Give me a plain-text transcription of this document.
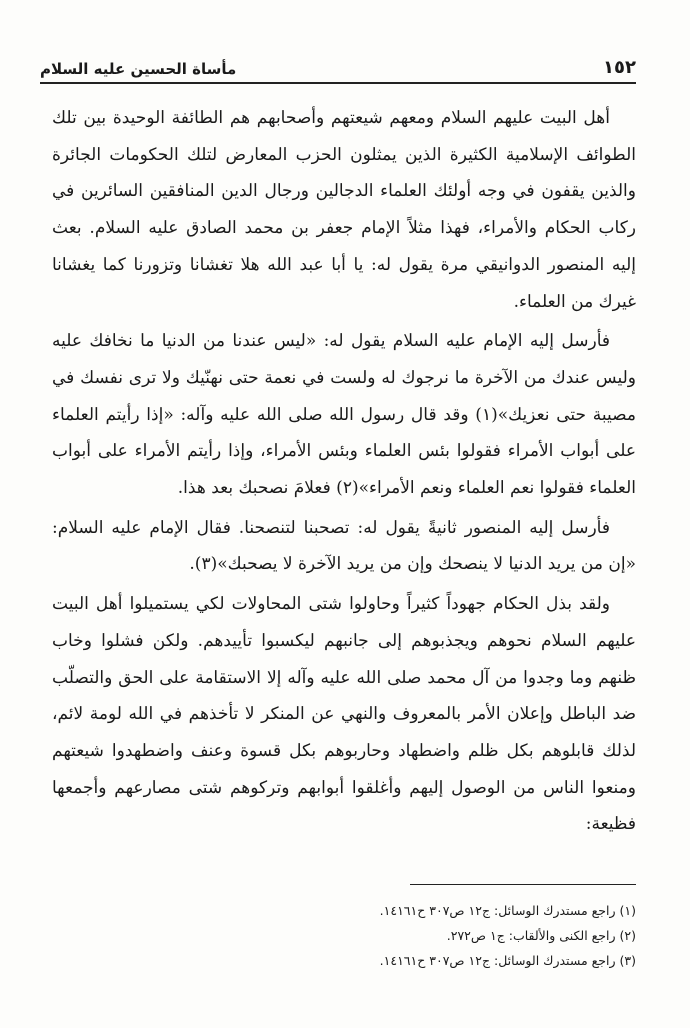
مأساة الحسين عليه السلام	١٥٢

أهل البيت عليهم السلام ومعهم شيعتهم وأصحابهم هم الطائفة الوحيدة بين تلك الطوائف الإسلامية الكثيرة الذين يمثلون الحزب المعارض لتلك الحكومات الجائرة والذين يقفون في وجه أولئك العلماء الدجالين ورجال الدين المنافقين السائرين في ركاب الحكام والأمراء، فهذا مثلاً الإمام جعفر بن محمد الصادق عليه السلام. بعث إليه المنصور الدوانيقي مرة يقول له: يا أبا عبد الله هلا تغشانا وتزورنا كما يغشانا غيرك من العلماء.

فأرسل إليه الإمام عليه السلام يقول له: «ليس عندنا من الدنيا ما نخافك عليه وليس عندك من الآخرة ما نرجوك له ولست في نعمة حتى نهنّيك ولا ترى نفسك في مصيبة حتى نعزيك»(١) وقد قال رسول الله صلى الله عليه وآله: «إذا رأيتم العلماء على أبواب الأمراء فقولوا بئس العلماء وبئس الأمراء، وإذا رأيتم الأمراء على أبواب العلماء فقولوا نعم العلماء ونعم الأمراء»(٢) فعلامَ نصحبك بعد هذا.

فأرسل إليه المنصور ثانيةً يقول له: تصحبنا لتنصحنا. فقال الإمام عليه السلام: «إن من يريد الدنيا لا ينصحك وإن من يريد الآخرة لا يصحبك»(٣).

ولقد بذل الحكام جهوداً كثيراً وحاولوا شتى المحاولات لكي يستميلوا أهل البيت عليهم السلام نحوهم ويجذبوهم إلى جانبهم ليكسبوا تأييدهم. ولكن فشلوا وخاب ظنهم وما وجدوا من آل محمد صلى الله عليه وآله إلا الاستقامة على الحق والتصلّب ضد الباطل وإعلان الأمر بالمعروف والنهي عن المنكر لا تأخذهم في الله لومة لائم، لذلك قابلوهم بكل ظلم واضطهاد وحاربوهم بكل قسوة وعنف واضطهدوا شيعتهم ومنعوا الناس من الوصول إليهم وأغلقوا أبوابهم وتركوهم شتى مصارعهم وأجمعها فظيعة:

(١) راجع مستدرك الوسائل: ج١٢ ص٣٠٧ ح١٤١٦١.

(٢) راجع الكنى والألقاب: ج١ ص٢٧٢.

(٣) راجع مستدرك الوسائل: ج١٢ ص٣٠٧ ح١٤١٦١.
